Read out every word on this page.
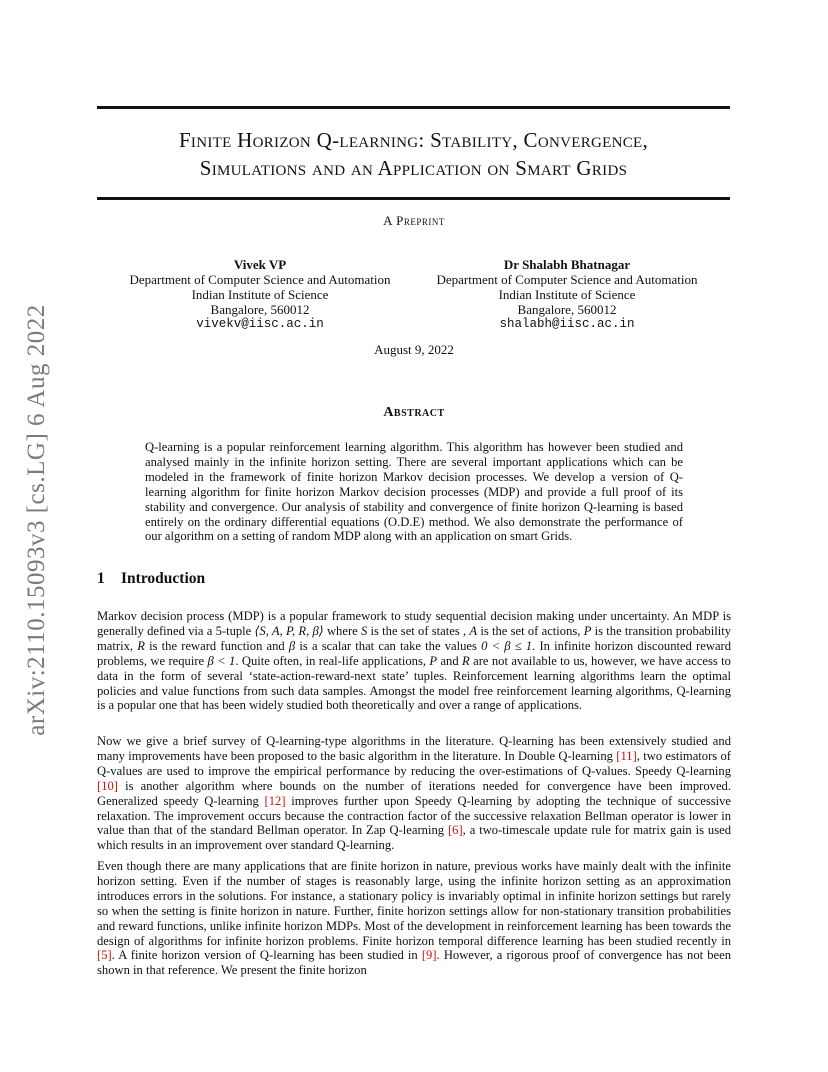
arXiv:2110.15093v3 [cs.LG] 6 Aug 2022
Finite Horizon Q-learning: Stability, Convergence,
Simulations and an Application on Smart Grids
A Preprint
Vivek VP
Department of Computer Science and Automation
Indian Institute of Science
Bangalore, 560012
vivekv@iisc.ac.in
Dr Shalabh Bhatnagar
Department of Computer Science and Automation
Indian Institute of Science
Bangalore, 560012
shalabh@iisc.ac.in
August 9, 2022
Abstract

Q-learning is a popular reinforcement learning algorithm. This algorithm has however been studied and analysed mainly in the infinite horizon setting. There are several important applications which can be modeled in the framework of finite horizon Markov decision processes. We develop a version of Q-learning algorithm for finite horizon Markov decision processes (MDP) and provide a full proof of its stability and convergence. Our analysis of stability and convergence of finite horizon Q-learning is based entirely on the ordinary differential equations (O.D.E) method. We also demonstrate the performance of our algorithm on a setting of random MDP along with an application on smart Grids.

1 Introduction

Markov decision process (MDP) is a popular framework to study sequential decision making under uncertainty. An MDP is generally defined via a 5-tuple ⟨S, A, P, R, β⟩ where S is the set of states , A is the set of actions, P is the transition probability matrix, R is the reward function and β is a scalar that can take the values 0 < β ≤ 1. In infinite horizon discounted reward problems, we require β < 1. Quite often, in real-life applications, P and R are not available to us, however, we have access to data in the form of several ‘state-action-reward-next state’ tuples. Reinforcement learning algorithms learn the optimal policies and value functions from such data samples. Amongst the model free reinforcement learning algorithms, Q-learning is a popular one that has been widely studied both theoretically and over a range of applications.

Now we give a brief survey of Q-learning-type algorithms in the literature. Q-learning has been extensively studied and many improvements have been proposed to the basic algorithm in the literature. In Double Q-learning [ 11 ] , two estimators of Q-values are used to improve the empirical performance by reducing the over-estimations of Q-values. Speedy Q-learning [ 10 ] is another algorithm where bounds on the number of iterations needed for convergence have been improved. Generalized speedy Q-learning [ 12 ] improves further upon Speedy Q-learning by adopting the technique of successive relaxation. The improvement occurs because the contraction factor of the successive relaxation Bellman operator is lower in value than that of the standard Bellman operator. In Zap Q-learning [ 6 ] , a two-timescale update rule for matrix gain is used which results in an improvement over standard Q-learning.

Even though there are many applications that are finite horizon in nature, previous works have mainly dealt with the infinite horizon setting. Even if the number of stages is reasonably large, using the infinite horizon setting as an approximation introduces errors in the solutions. For instance, a stationary policy is invariably optimal in infinite horizon settings but rarely so when the setting is finite horizon in nature. Further, finite horizon settings allow for non-stationary transition probabilities and reward functions, unlike infinite horizon MDPs. Most of the development in reinforcement learning has been towards the design of algorithms for infinite horizon problems. Finite horizon temporal difference learning has been studied recently in [ 5 ] . A finite horizon version of Q-learning has been studied in [ 9 ] . However, a rigorous proof of convergence has not been shown in that reference. We present the finite horizon
